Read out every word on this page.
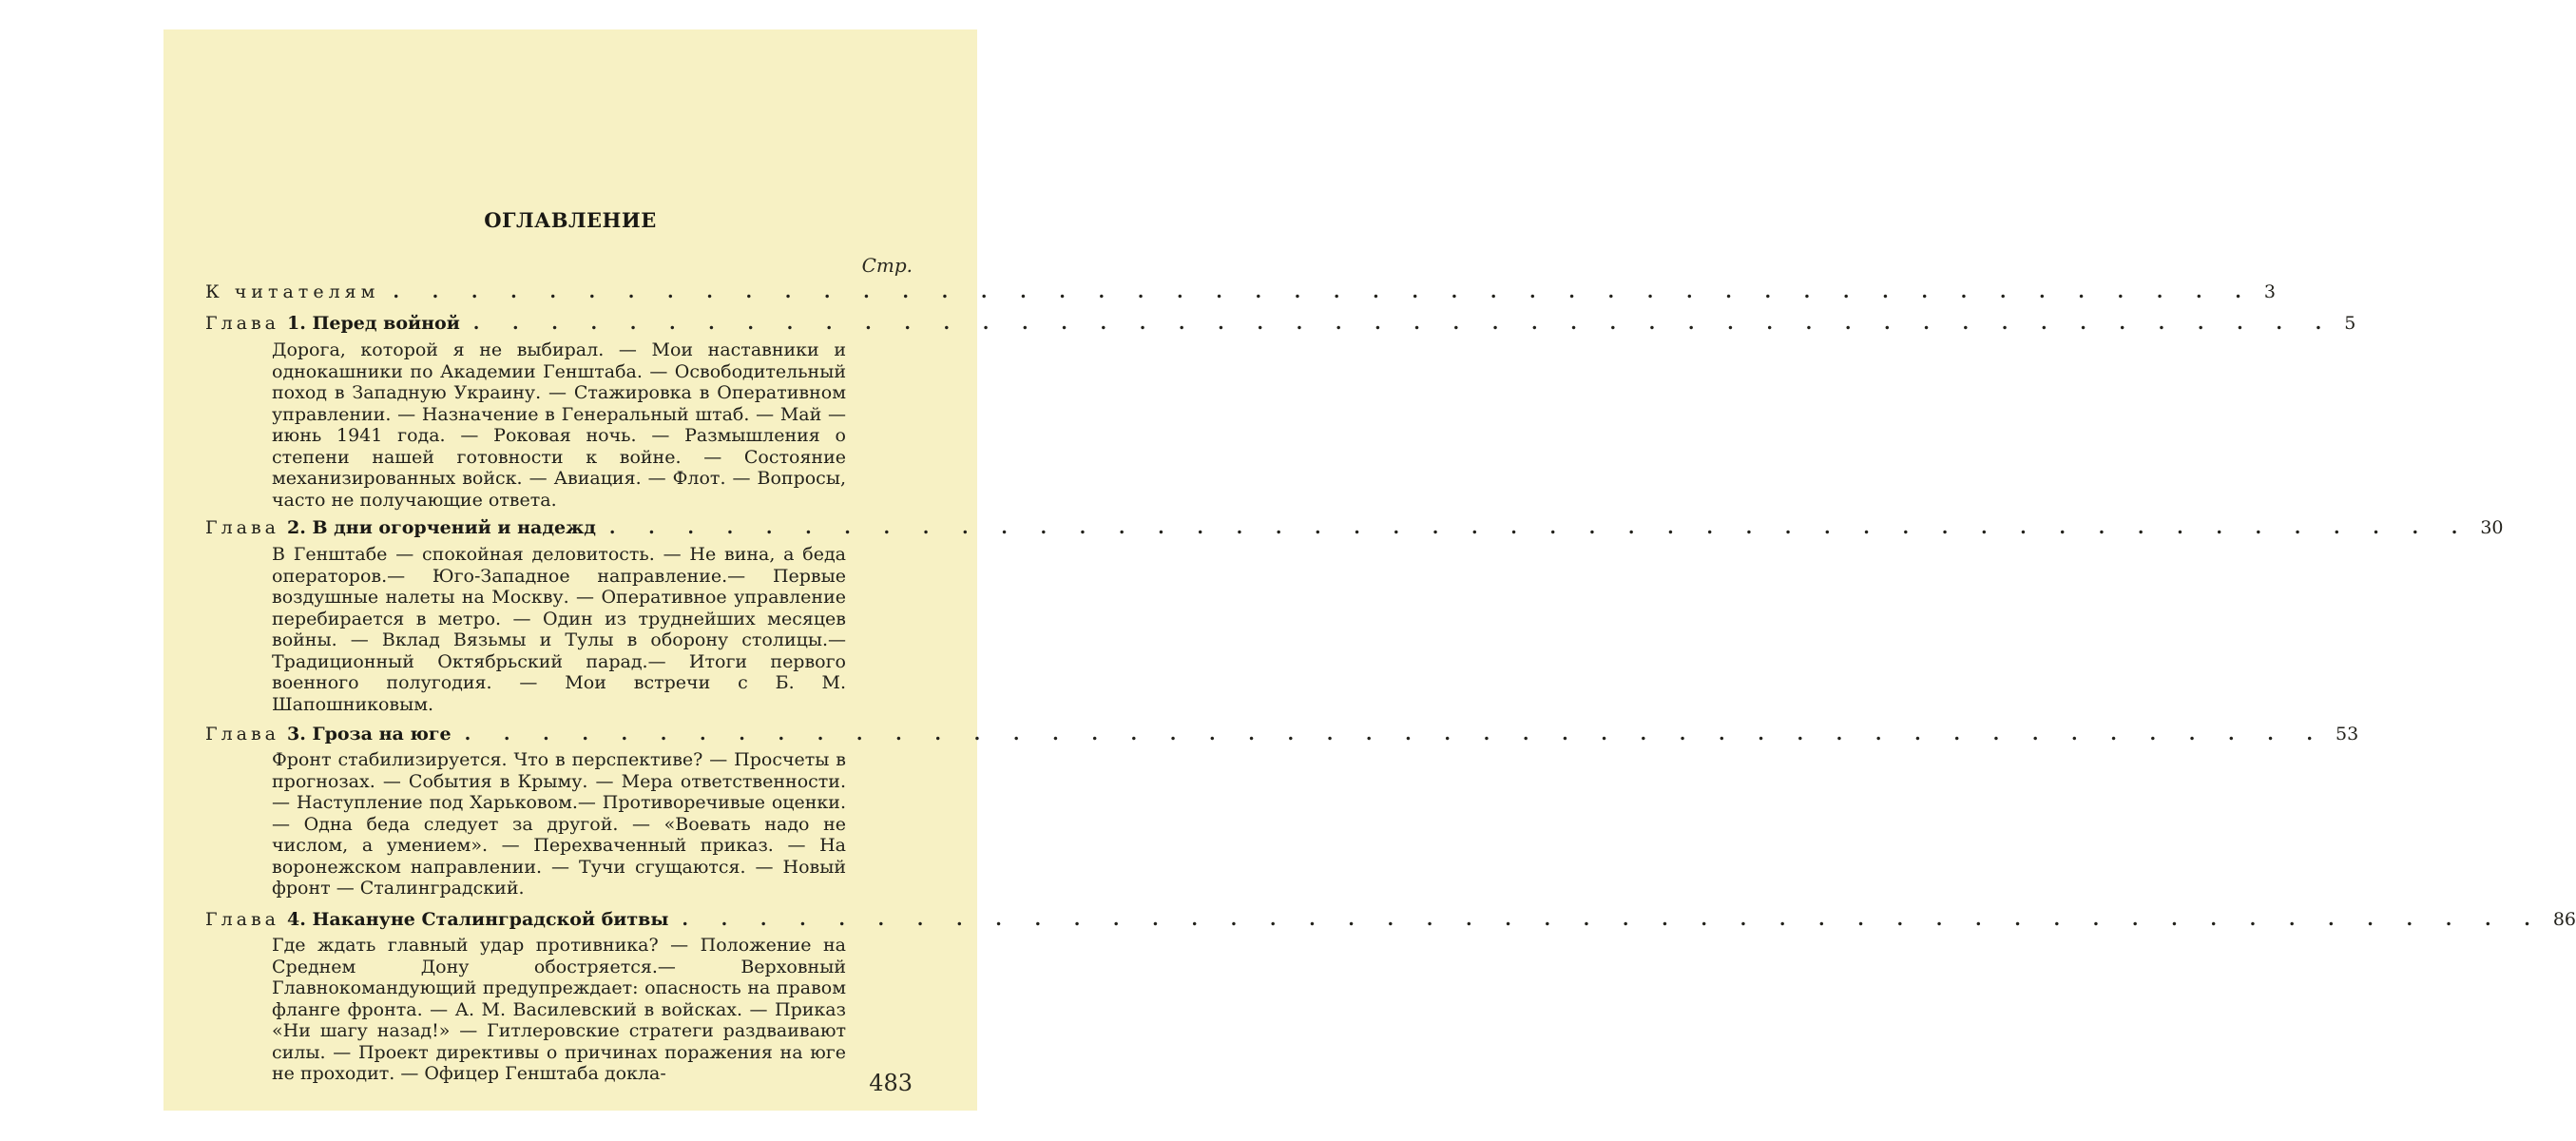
ОГЛАВЛЕНИЕ
Стр.
К читателям . . . . . . . . . . . . . . . . . . . . . . . . . . . . . . . . . . . . . . . . . . . . . . . . 3
Глава 1. Перед войной . . . . . . . . . . . . . . . . . . . . . . . . . . . . . . . . . . . . . . . . . . . . . . . . 5
Дорога, которой я не выбирал. — Мои наставники и однокашники по Академии Генштаба. — Освободительный поход в Западную Украину. — Стажировка в Оперативном управлении. — Назначение в Генеральный штаб. — Май — июнь 1941 года. — Роковая ночь. — Размышления о степени нашей готовности к войне. — Состояние механизированных войск. — Авиация. — Флот. — Вопросы, часто не получающие ответа.
Глава 2. В дни огорчений и надежд . . . . . . . . . . . . . . . . . . . . . . . . . . . . . . . . . . . . . . . . . . . . . . . . 30
В Генштабе — спокойная деловитость. — Не вина, а беда операторов.— Юго-Западное направление.— Первые воздушные налеты на Москву. — Оперативное управление перебирается в метро. — Один из труднейших месяцев войны. — Вклад Вязьмы и Тулы в оборону столицы.— Традиционный Октябрьский парад.— Итоги первого военного полугодия. — Мои встречи с Б. М. Шапошниковым.
Глава 3. Гроза на юге . . . . . . . . . . . . . . . . . . . . . . . . . . . . . . . . . . . . . . . . . . . . . . . . 53
Фронт стабилизируется. Что в перспективе? — Просчеты в прогнозах. — События в Крыму. — Мера ответственности.— Наступление под Харьковом.— Противоречивые оценки. — Одна беда следует за другой. — «Воевать надо не числом, а умением». — Перехваченный приказ. — На воронежском направлении. — Тучи сгущаются. — Новый фронт — Сталинградский.
Глава 4. Накануне Сталинградской битвы . . . . . . . . . . . . . . . . . . . . . . . . . . . . . . . . . . . . . . . . . . . . . . . . 86
Где ждать главный удар противника? — Положение на Среднем Дону обостряется.— Верховный Главнокомандующий предупреждает: опасность на правом фланге фронта. — А. М. Василевский в войсках. — Приказ «Ни шагу назад!» — Гитлеровские стратеги раздваивают силы. — Проект директивы о причинах поражения на юге не проходит. — Офицер Генштаба докла-	483
